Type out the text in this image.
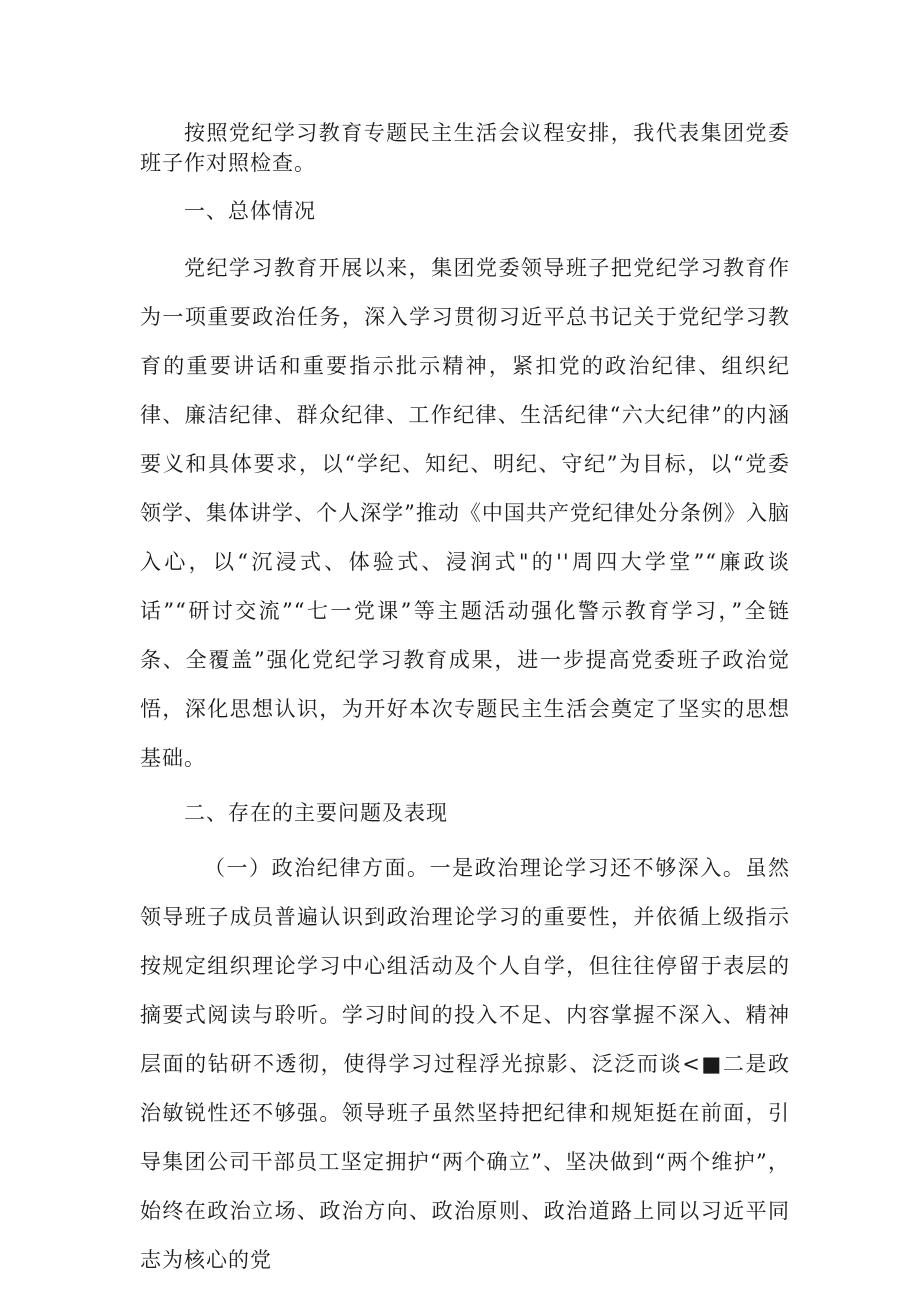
按照党纪学习教育专题民主生活会议程安排，我代表集团党委班子作对照检查。

一、总体情况

党纪学习教育开展以来，集团党委领导班子把党纪学习教育作为一项重要政治任务，深入学习贯彻习近平总书记关于党纪学习教育的重要讲话和重要指示批示精神，紧扣党的政治纪律、组织纪律、廉洁纪律、群众纪律、工作纪律、生活纪律“六大纪律”的内涵要义和具体要求，以“学纪、知纪、明纪、守纪”为目标，以“党委领学、集体讲学、个人深学”推动《中国共产党纪律处分条例》入脑入心，以“沉浸式、体验式、浸润式"的''周四大学堂”“廉政谈话”“研讨交流”“七一党课”等主题活动强化警示教育学习，”全链条、全覆盖”强化党纪学习教育成果，进一步提高党委班子政治觉悟，深化思想认识，为开好本次专题民主生活会奠定了坚实的思想基础。

二、存在的主要问题及表现

（一）政治纪律方面。一是政治理论学习还不够深入。虽然领导班子成员普遍认识到政治理论学习的重要性，并依循上级指示按规定组织理论学习中心组活动及个人自学，但往往停留于表层的摘要式阅读与聆听。学习时间的投入不足、内容掌握不深入、精神层面的钻研不透彻，使得学习过程浮光掠影、泛泛而谈<■二是政治敏锐性还不够强。领导班子虽然坚持把纪律和规矩挺在前面，引导集团公司干部员工坚定拥护“两个确立”、坚决做到“两个维护”，始终在政治立场、政治方向、政治原则、政治道路上同以习近平同志为核心的党
